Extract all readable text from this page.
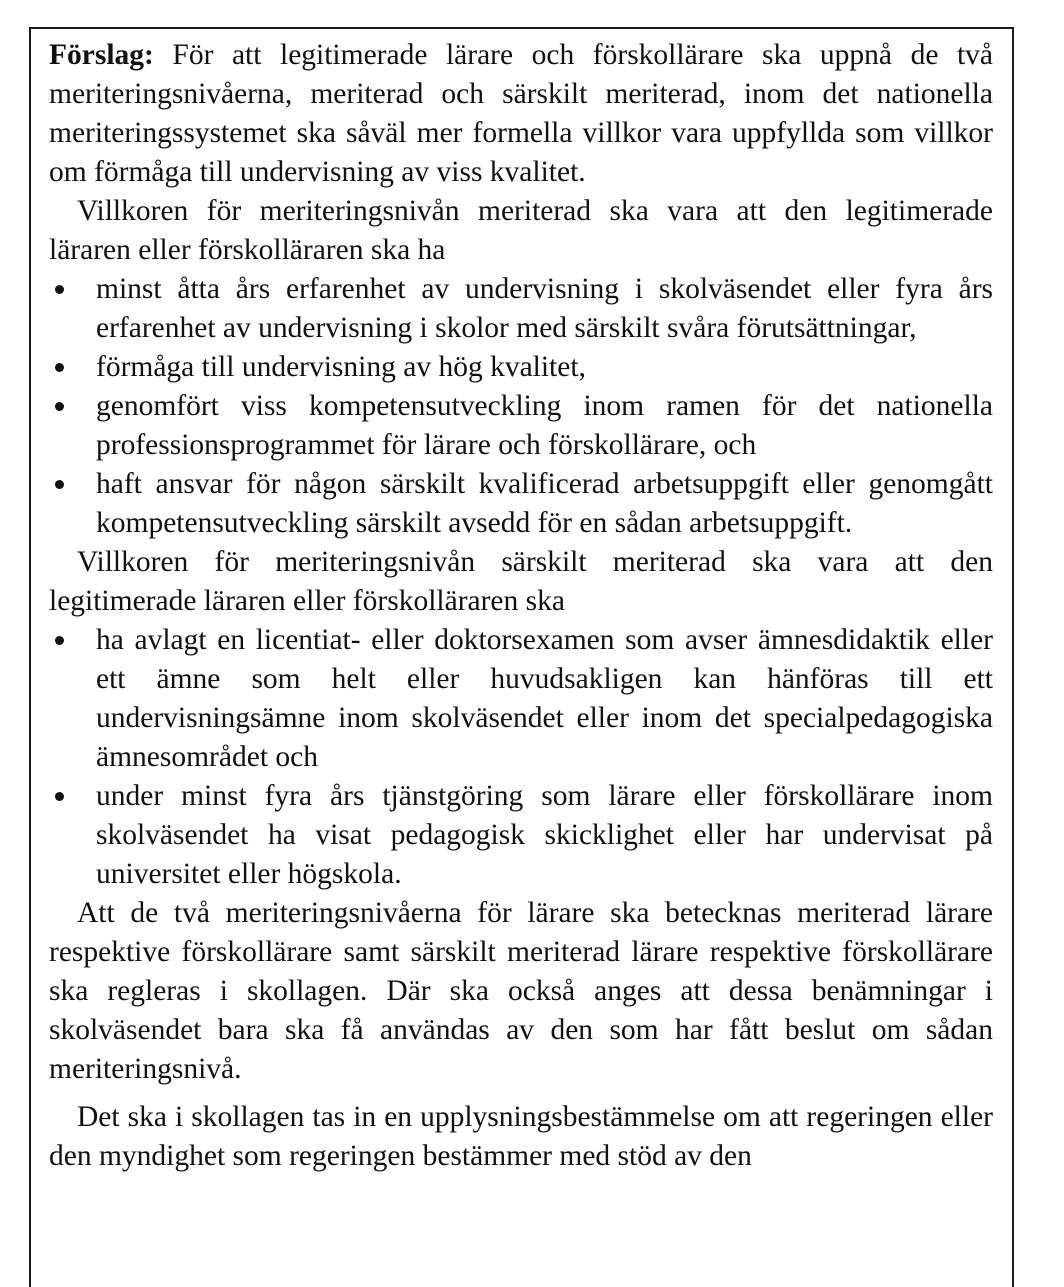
Förslag: För att legitimerade lärare och förskollärare ska uppnå de två meriteringsnivåerna, meriterad och särskilt meriterad, inom det nationella meriteringssystemet ska såväl mer formella villkor vara uppfyllda som villkor om förmåga till undervisning av viss kvalitet.

Villkoren för meriteringsnivån meriterad ska vara att den legitimerade läraren eller förskolläraren ska ha

minst åtta års erfarenhet av undervisning i skolväsendet eller fyra års erfarenhet av undervisning i skolor med särskilt svåra förutsättningar,
förmåga till undervisning av hög kvalitet,
genomfört viss kompetensutveckling inom ramen för det nationella professionsprogrammet för lärare och förskollärare, och
haft ansvar för någon särskilt kvalificerad arbetsuppgift eller genomgått kompetensutveckling särskilt avsedd för en sådan arbetsuppgift.

Villkoren för meriteringsnivån särskilt meriterad ska vara att den legitimerade läraren eller förskolläraren ska

ha avlagt en licentiat- eller doktorsexamen som avser ämnesdidaktik eller ett ämne som helt eller huvudsakligen kan hänföras till ett undervisningsämne inom skolväsendet eller inom det specialpedagogiska ämnesområdet och
under minst fyra års tjänstgöring som lärare eller förskollärare inom skolväsendet ha visat pedagogisk skicklighet eller har undervisat på universitet eller högskola.

Att de två meriteringsnivåerna för lärare ska betecknas meriterad lärare respektive förskollärare samt särskilt meriterad lärare respektive förskollärare ska regleras i skollagen. Där ska också anges att dessa benämningar i skolväsendet bara ska få användas av den som har fått beslut om sådan meriteringsnivå.

Det ska i skollagen tas in en upplysningsbestämmelse om att regeringen eller den myndighet som regeringen bestämmer med stöd av den
